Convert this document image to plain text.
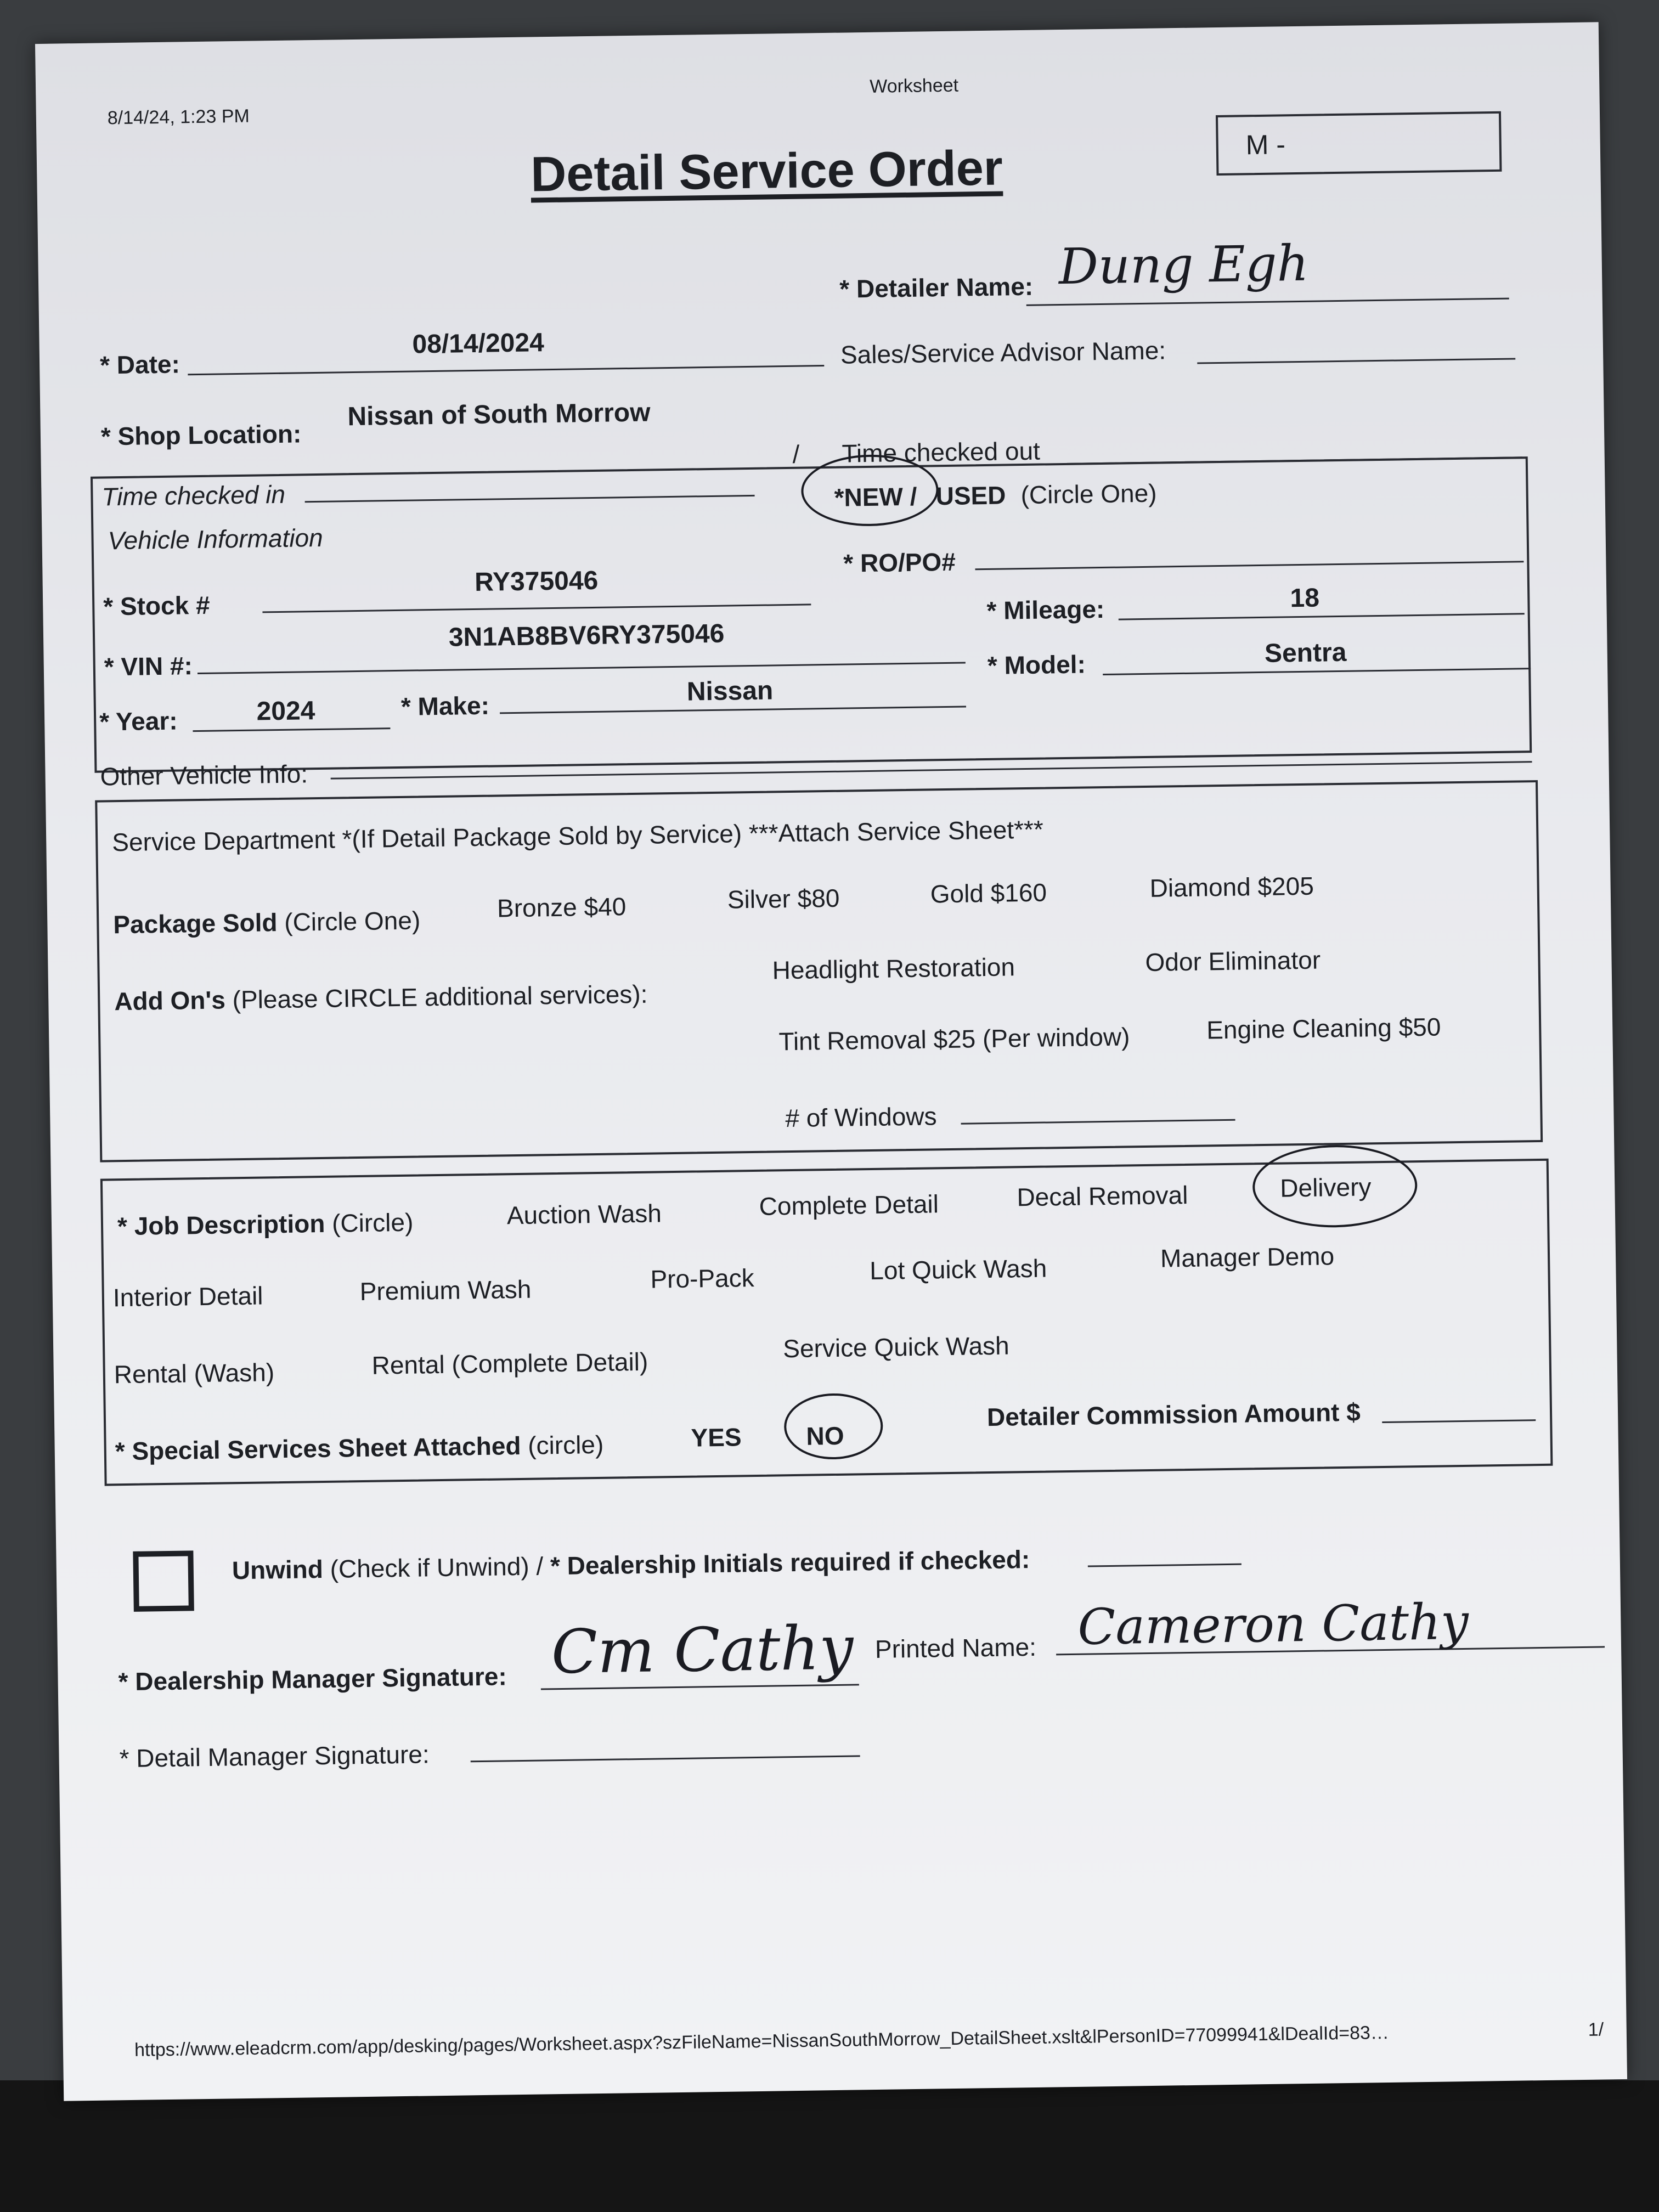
8/14/24, 1:23 PM
Worksheet
Detail Service Order	M -
* Detailer Name: Dung Egh
* Date:
08/14/2024	Sales/Service Advisor Name:
* Shop Location:
Nissan of South Morrow
Time checked in
/ Time checked out
Vehicle Information
*NEW / USED (Circle One)
* Stock #
RY375046
* RO/PO#
* Mileage:	18
* VIN #:
3N1AB8BV6RY375046
* Model:	Sentra
* Year:	2024	* Make:	Nissan
Other Vehicle Info:
Service Department *(If Detail Package Sold by Service) ***Attach Service Sheet***
Package Sold (Circle One)	Bronze $40	Silver $80	Gold $160	Diamond $205
Add On's (Please CIRCLE additional services):
Headlight Restoration	Odor Eliminator
Tint Removal $25 (Per window)	Engine Cleaning $50
# of Windows
* Job Description (Circle)	Auction Wash	Complete Detail	Decal Removal	Delivery
Interior Detail	Premium Wash	Pro-Pack	Lot Quick Wash	Manager Demo
Rental (Wash)	Rental (Complete Detail)
Service Quick Wash
* Special Services Sheet Attached (circle)	YES	NO
Detailer Commission Amount $
Unwind (Check if Unwind) / * Dealership Initials required if checked:
* Dealership Manager Signature: Cm Cathy Printed Name: Cameron Cathy
* Detail Manager Signature:
https://www.eleadcrm.com/app/desking/pages/Worksheet.aspx?szFileName=NissanSouthMorrow_DetailSheet.xslt&lPersonID=77099941&lDealId=83…	1/
